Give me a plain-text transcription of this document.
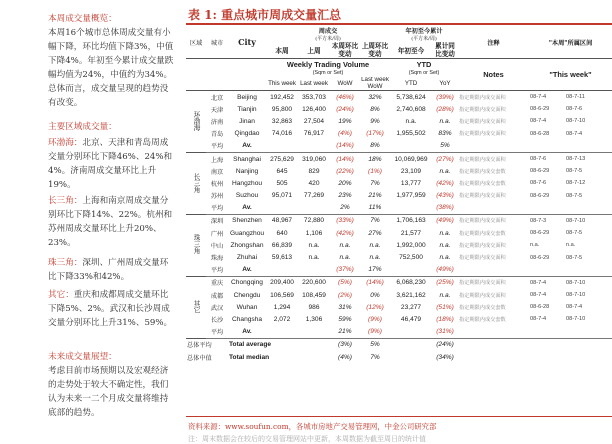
本周成交量概览：
本周16个城市总体周成交量有小幅下降，环比均值下降3%，中值下降4%。年初至今累计成交量跌幅均值为24%，中值约为34%。总体而言，成交量呈现的趋势没有改变。

主要区域成交量：

环渤海：北京、天津和青岛周成交量分别环比下降46%、24%和4%。济南周成交量环比上升19%。

长三角：上海和南京周成交量分别环比下降14%、22%。杭州和苏州周成交量环比上升20%、23%。

珠三角：深圳、广州周成交量环比下降33%和42%。

其它：重庆和成都周成交量环比下降5%、2%。武汉和长沙周成交量分别环比上升31%、59%。

未来成交量展望：
考虑目前市场预期以及宏观经济的走势处于较大不确定性，我们认为未来一二个月成交量将维持底部的趋势。

表 1: 重点城市周成交量汇总
区域	城市	City	周成交
(平方米/周)				年初至今累计
(平方米/周)		注释	"本周"所属区间		
			本周	上周	本周环比变动	上周环比变动	年初至今	累计同比变动				
			Weekly Trading Volume
(Sqm or Set)				YTD
(Sqm or Set)		Notes	"This week"		
			This week	Last week	WoW	Last week WoW	YTD	YoY				
环渤海	北京	Beijing	192,452	353,703	(46%)	32%	5,738,624	(39%)	指定期限内成交面积	08-7-4	08-7-11	
	天津	Tianjin	95,800	126,400	(24%)	8%	2,740,608	(28%)	指定期限内成交面积	08-6-29	08-7-6	
	济南	Jinan	32,863	27,504	19%	9%	n.a.	n.a.	指定期限内成交面积	08-7-4	08-7-10	
	青岛	Qingdao	74,016	76,917	(4%)	(17%)	1,955,502	83%	指定期限内成交面积	08-6-28	08-7-4	
	平均	Av.			(14%)	8%		5%				
长三角	上海	Shanghai	275,629	319,060	(14%)	18%	10,069,969	(27%)	指定期限内成交面积	08-7-6	08-7-13	
	南京	Nanjing	645	829	(22%)	(1%)	23,109	n.a.	指定期限内成交套数	08-6-29	08-7-5	
	杭州	Hangzhou	505	420	20%	7%	13,777	(42%)	指定期限内成交套数	08-7-6	08-7-12	
	苏州	Suzhou	95,071	77,269	23%	21%	1,977,959	(43%)	指定期限内成交面积	08-6-29	08-7-5	
	平均	Av.			2%	11%		(38%)				
珠三角	深圳	Shenzhen	48,967	72,880	(33%)	7%	1,706,163	(49%)	指定期限内成交面积	08-7-3	08-7-10	
	广州	Guangzhou	640	1,106	(42%)	27%	21,577	n.a.	指定期限内成交套数	08-6-29	08-7-5	
	中山	Zhongshan	66,839	n.a.	n.a.	n.a.	1,992,000	n.a.	指定期限内成交面积	n.a.	n.a.	
	珠海	Zhuhai	59,613	n.a.	n.a.	n.a.	752,500	n.a.	指定期限内成交面积	08-6-29	08-7-5	
	平均	Av.			(37%)	17%		(49%)				
其它	重庆	Chongqing	209,400	220,600	(5%)	(14%)	6,068,230	(25%)	指定期限内成交面积	08-7-4	08-7-10	
	成都	Chengdu	106,569	108,459	(2%)	0%	3,621,162	n.a.	指定期限内成交面积	08-7-4	08-7-10	
	武汉	Wuhan	1,294	986	31%	(12%)	23,277	(51%)	指定期限内成交套数	08-6-28	08-7-4	
	长沙	Changsha	2,072	1,306	59%	(9%)	46,479	(18%)	指定期限内成交套数	08-7-4	08-7-10	
	平均	Av.			21%	(9%)		(31%)				
总体平均		Total average			(3%)	5%		(24%)				
总体中值		Total median			(4%)	7%		(34%)				
资料来源：www.soufun.com，各城市房地产交易管理网，中金公司研究部
注：周末数据会在较后的交易管理网站中更新，本周数据为截至周日的统计值
